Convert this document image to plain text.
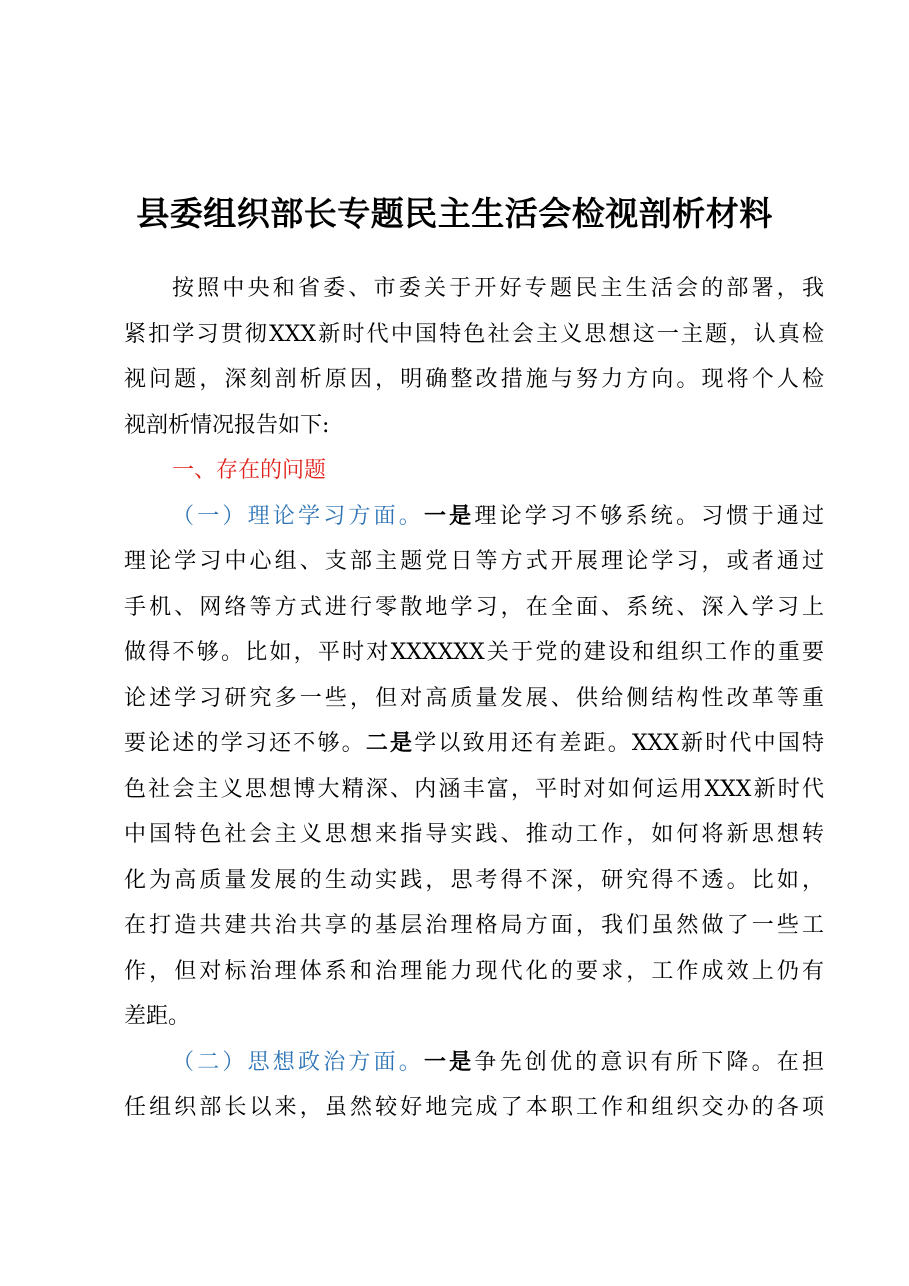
县委组织部长专题民主生活会检视剖析材料
按照中央和省委、市委关于开好专题民主生活会的部署，我
紧扣学习贯彻XXX新时代中国特色社会主义思想这一主题，认真检
视问题，深刻剖析原因，明确整改措施与努力方向。现将个人检
视剖析情况报告如下:
一、存在的问题
（一）理论学习方面。一是理论学习不够系统。习惯于通过
理论学习中心组、支部主题党日等方式开展理论学习，或者通过
手机、网络等方式进行零散地学习，在全面、系统、深入学习上
做得不够。比如，平时对XXXXXX关于党的建设和组织工作的重要
论述学习研究多一些，但对高质量发展、供给侧结构性改革等重
要论述的学习还不够。二是学以致用还有差距。XXX新时代中国特
色社会主义思想博大精深、内涵丰富，平时对如何运用XXX新时代
中国特色社会主义思想来指导实践、推动工作，如何将新思想转
化为高质量发展的生动实践，思考得不深，研究得不透。比如，
在打造共建共治共享的基层治理格局方面，我们虽然做了一些工
作，但对标治理体系和治理能力现代化的要求，工作成效上仍有
差距。
（二）思想政治方面。一是争先创优的意识有所下降。在担
任组织部长以来，虽然较好地完成了本职工作和组织交办的各项
